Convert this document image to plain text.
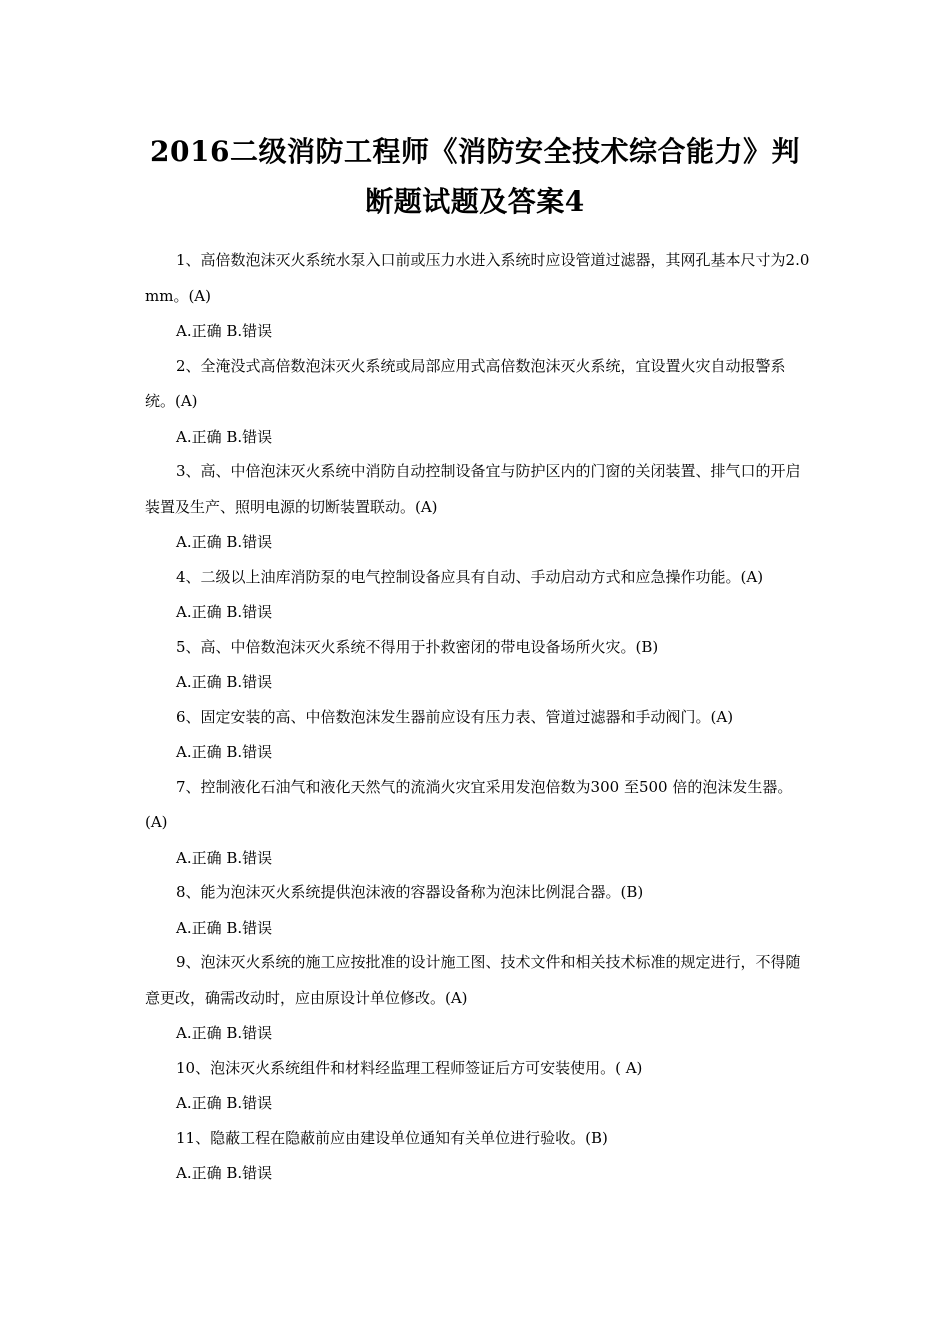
2016二级消防工程师《消防安全技术综合能力》判
断题试题及答案4

1、高倍数泡沫灭火系统水泵入口前或压力水进入系统时应设管道过滤器，其网孔基本尺寸为2.0mm。(A)

A.正确 B.错误

2、全淹没式高倍数泡沫灭火系统或局部应用式高倍数泡沫灭火系统，宜设置火灾自动报警系统。(A)

A.正确 B.错误

3、高、中倍泡沫灭火系统中消防自动控制设备宜与防护区内的门窗的关闭装置、排气口的开启装置及生产、照明电源的切断装置联动。(A)

A.正确 B.错误

4、二级以上油库消防泵的电气控制设备应具有自动、手动启动方式和应急操作功能。(A)

A.正确 B.错误

5、高、中倍数泡沫灭火系统不得用于扑救密闭的带电设备场所火灾。(B)

A.正确 B.错误

6、固定安装的高、中倍数泡沫发生器前应设有压力表、管道过滤器和手动阀门。(A)

A.正确 B.错误

7、控制液化石油气和液化天然气的流淌火灾宜采用发泡倍数为300 至500 倍的泡沫发生器。(A)

A.正确 B.错误

8、能为泡沫灭火系统提供泡沫液的容器设备称为泡沫比例混合器。(B)

A.正确 B.错误

9、泡沫灭火系统的施工应按批准的设计施工图、技术文件和相关技术标准的规定进行，不得随意更改，确需改动时，应由原设计单位修改。(A)

A.正确 B.错误

10、泡沫灭火系统组件和材料经监理工程师签证后方可安装使用。( A)

A.正确 B.错误

11、隐蔽工程在隐蔽前应由建设单位通知有关单位进行验收。(B)

A.正确 B.错误
